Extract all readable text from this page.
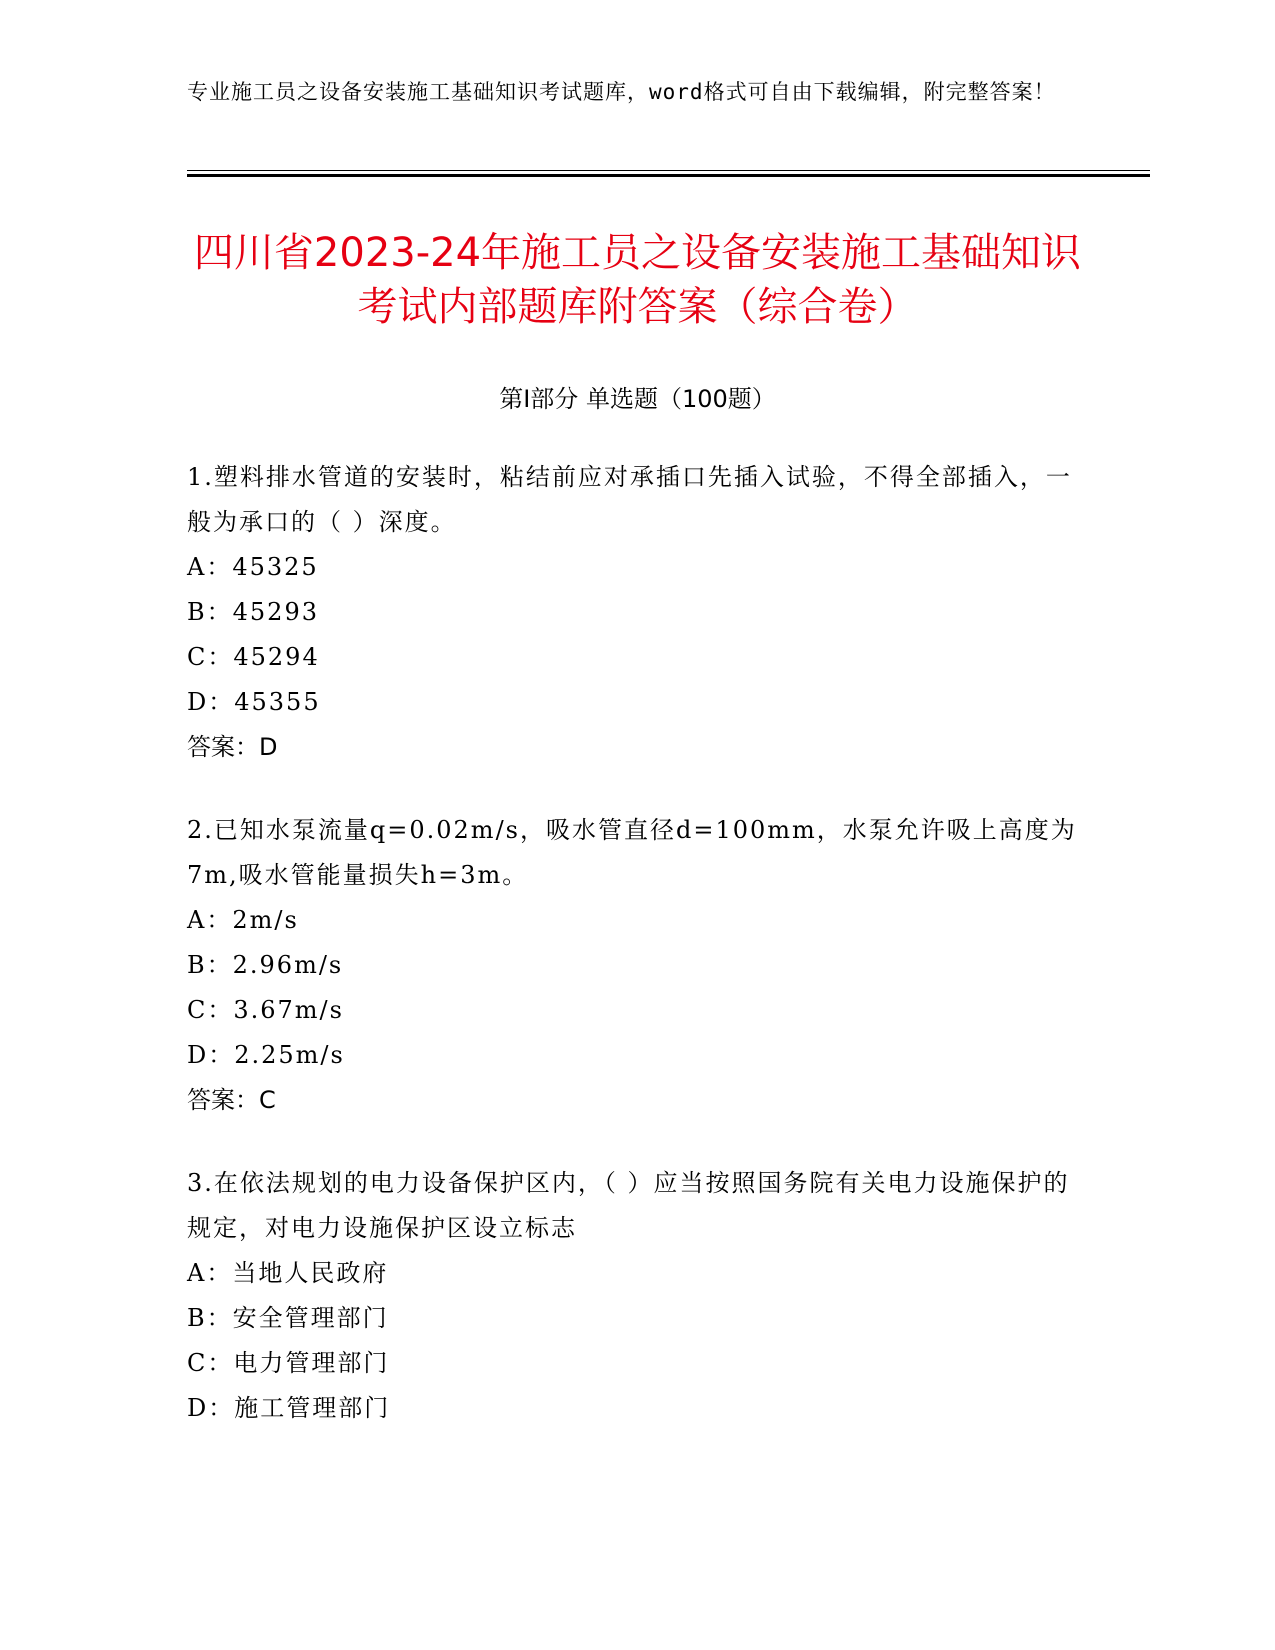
专业施工员之设备安装施工基础知识考试题库，word格式可自由下载编辑，附完整答案！
四川省2023-24年施工员之设备安装施工基础知识考试内部题库附答案（综合卷）
第Ⅰ部分 单选题（100题）

1.塑料排水管道的安装时，粘结前应对承插口先插入试验，不得全部插入，一般为承口的（ ）深度。

A：45325

B：45293

C：45294

D：45355

答案：D

2.已知水泵流量q=0.02m/s，吸水管直径d=100mm，水泵允许吸上高度为7m,吸水管能量损失h=3m。

A：2m/s

B：2.96m/s

C：3.67m/s

D：2.25m/s

答案：C

3.在依法规划的电力设备保护区内，（ ）应当按照国务院有关电力设施保护的规定，对电力设施保护区设立标志

A：当地人民政府

B：安全管理部门

C：电力管理部门

D：施工管理部门
